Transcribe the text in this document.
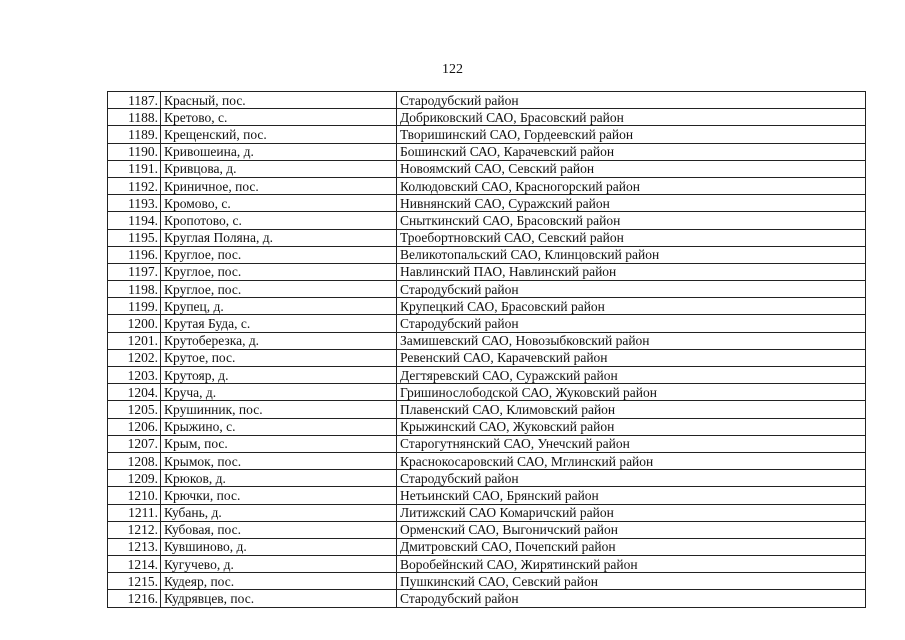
122
1187.	Красный, пос.	Стародубский район
1188.	Кретово, с.	Добриковский САО, Брасовский район
1189.	Крещенский, пос.	Творишинский САО, Гордеевский район
1190.	Кривошеина, д.	Бошинский САО, Карачевский район
1191.	Кривцова, д.	Новоямский САО, Севский район
1192.	Криничное, пос.	Колюдовский САО, Красногорский район
1193.	Кромово, с.	Нивнянский САО, Суражский район
1194.	Кропотово, с.	Сныткинский САО, Брасовский район
1195.	Круглая Поляна, д.	Троебортновский САО, Севский район
1196.	Круглое, пос.	Великотопальский САО, Клинцовский район
1197.	Круглое, пос.	Навлинский ПАО, Навлинский район
1198.	Круглое, пос.	Стародубский район
1199.	Крупец, д.	Крупецкий САО, Брасовский район
1200.	Крутая Буда, с.	Стародубский район
1201.	Крутоберезка, д.	Замишевский САО, Новозыбковский район
1202.	Крутое, пос.	Ревенский САО, Карачевский район
1203.	Крутояр, д.	Дегтяревский САО, Суражский район
1204.	Круча, д.	Гришинослободской САО, Жуковский район
1205.	Крушинник, пос.	Плавенский САО, Климовский район
1206.	Крыжино, с.	Крыжинский САО, Жуковский район
1207.	Крым, пос.	Старогутнянский САО, Унечский район
1208.	Крымок, пос.	Краснокосаровский САО, Мглинский район
1209.	Крюков, д.	Стародубский район
1210.	Крючки, пос.	Нетьинский САО, Брянский район
1211.	Кубань, д.	Литижский САО Комаричский район
1212.	Кубовая, пос.	Орменский САО, Выгоничский район
1213.	Кувшиново, д.	Дмитровский САО, Почепский район
1214.	Кугучево, д.	Воробейнский САО, Жирятинский район
1215.	Кудеяр, пос.	Пушкинский САО, Севский район
1216.	Кудрявцев, пос.	Стародубский район
